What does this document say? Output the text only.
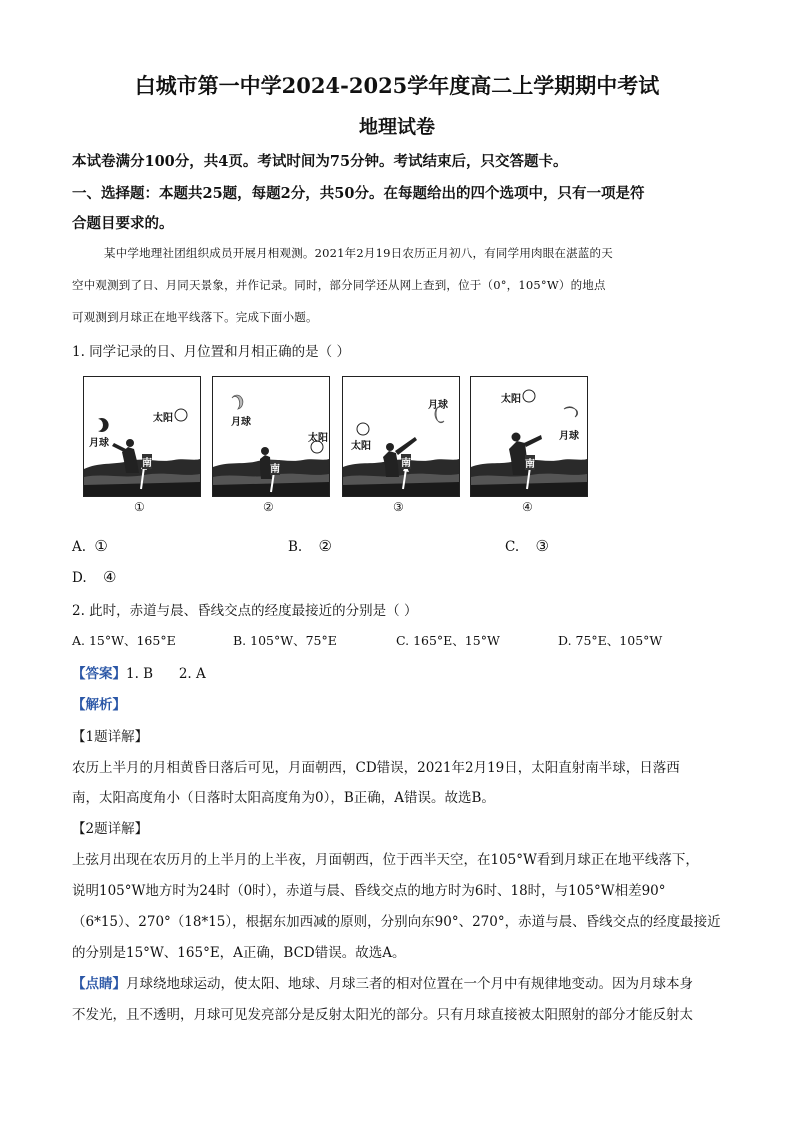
白城市第一中学2024-2025学年度高二上学期期中考试
地理试卷
本试卷满分100分，共4页。考试时间为75分钟。考试结束后，只交答题卡。
一、选择题：本题共25题，每题2分，共50分。在每题给出的四个选项中，只有一项是符
合题目要求的。
某中学地理社团组织成员开展月相观测。2021年2月19日农历正月初八，有同学用肉眼在湛蓝的天
空中观测到了日、月同天景象，并作记录。同时，部分同学还从网上查到，位于（0°，105°W）的地点
可观测到月球正在地平线落下。完成下面小题。
1. 同学记录的日、月位置和月相正确的是（ ）
太阳
月球
南
月球
太阳
南
月球
太阳
南
太阳
月球
南
①	②	③	④
A. ①	B. ②	C. ③
D. ④
2. 此时，赤道与晨、昏线交点的经度最接近的分别是（ ）
A. 15°W、165°E	B. 105°W、75°E	C. 165°E、15°W	D. 75°E、105°W
【答案】1. B      2. A
【解析】
【1题详解】
农历上半月的月相黄昏日落后可见，月面朝西，CD错误，2021年2月19日，太阳直射南半球，日落西
南，太阳高度角小（日落时太阳高度角为0），B正确，A错误。故选B。
【2题详解】
上弦月出现在农历月的上半月的上半夜，月面朝西，位于西半天空，在105°W看到月球正在地平线落下，
说明105°W地方时为24时（0时），赤道与晨、昏线交点的地方时为6时、18时，与105°W相差90°
（6*15）、270°（18*15），根据东加西减的原则，分别向东90°、270°，赤道与晨、昏线交点的经度最接近
的分别是15°W、165°E，A正确，BCD错误。故选A。
【点睛】月球绕地球运动，使太阳、地球、月球三者的相对位置在一个月中有规律地变动。因为月球本身
不发光，且不透明，月球可见发亮部分是反射太阳光的部分。只有月球直接被太阳照射的部分才能反射太
